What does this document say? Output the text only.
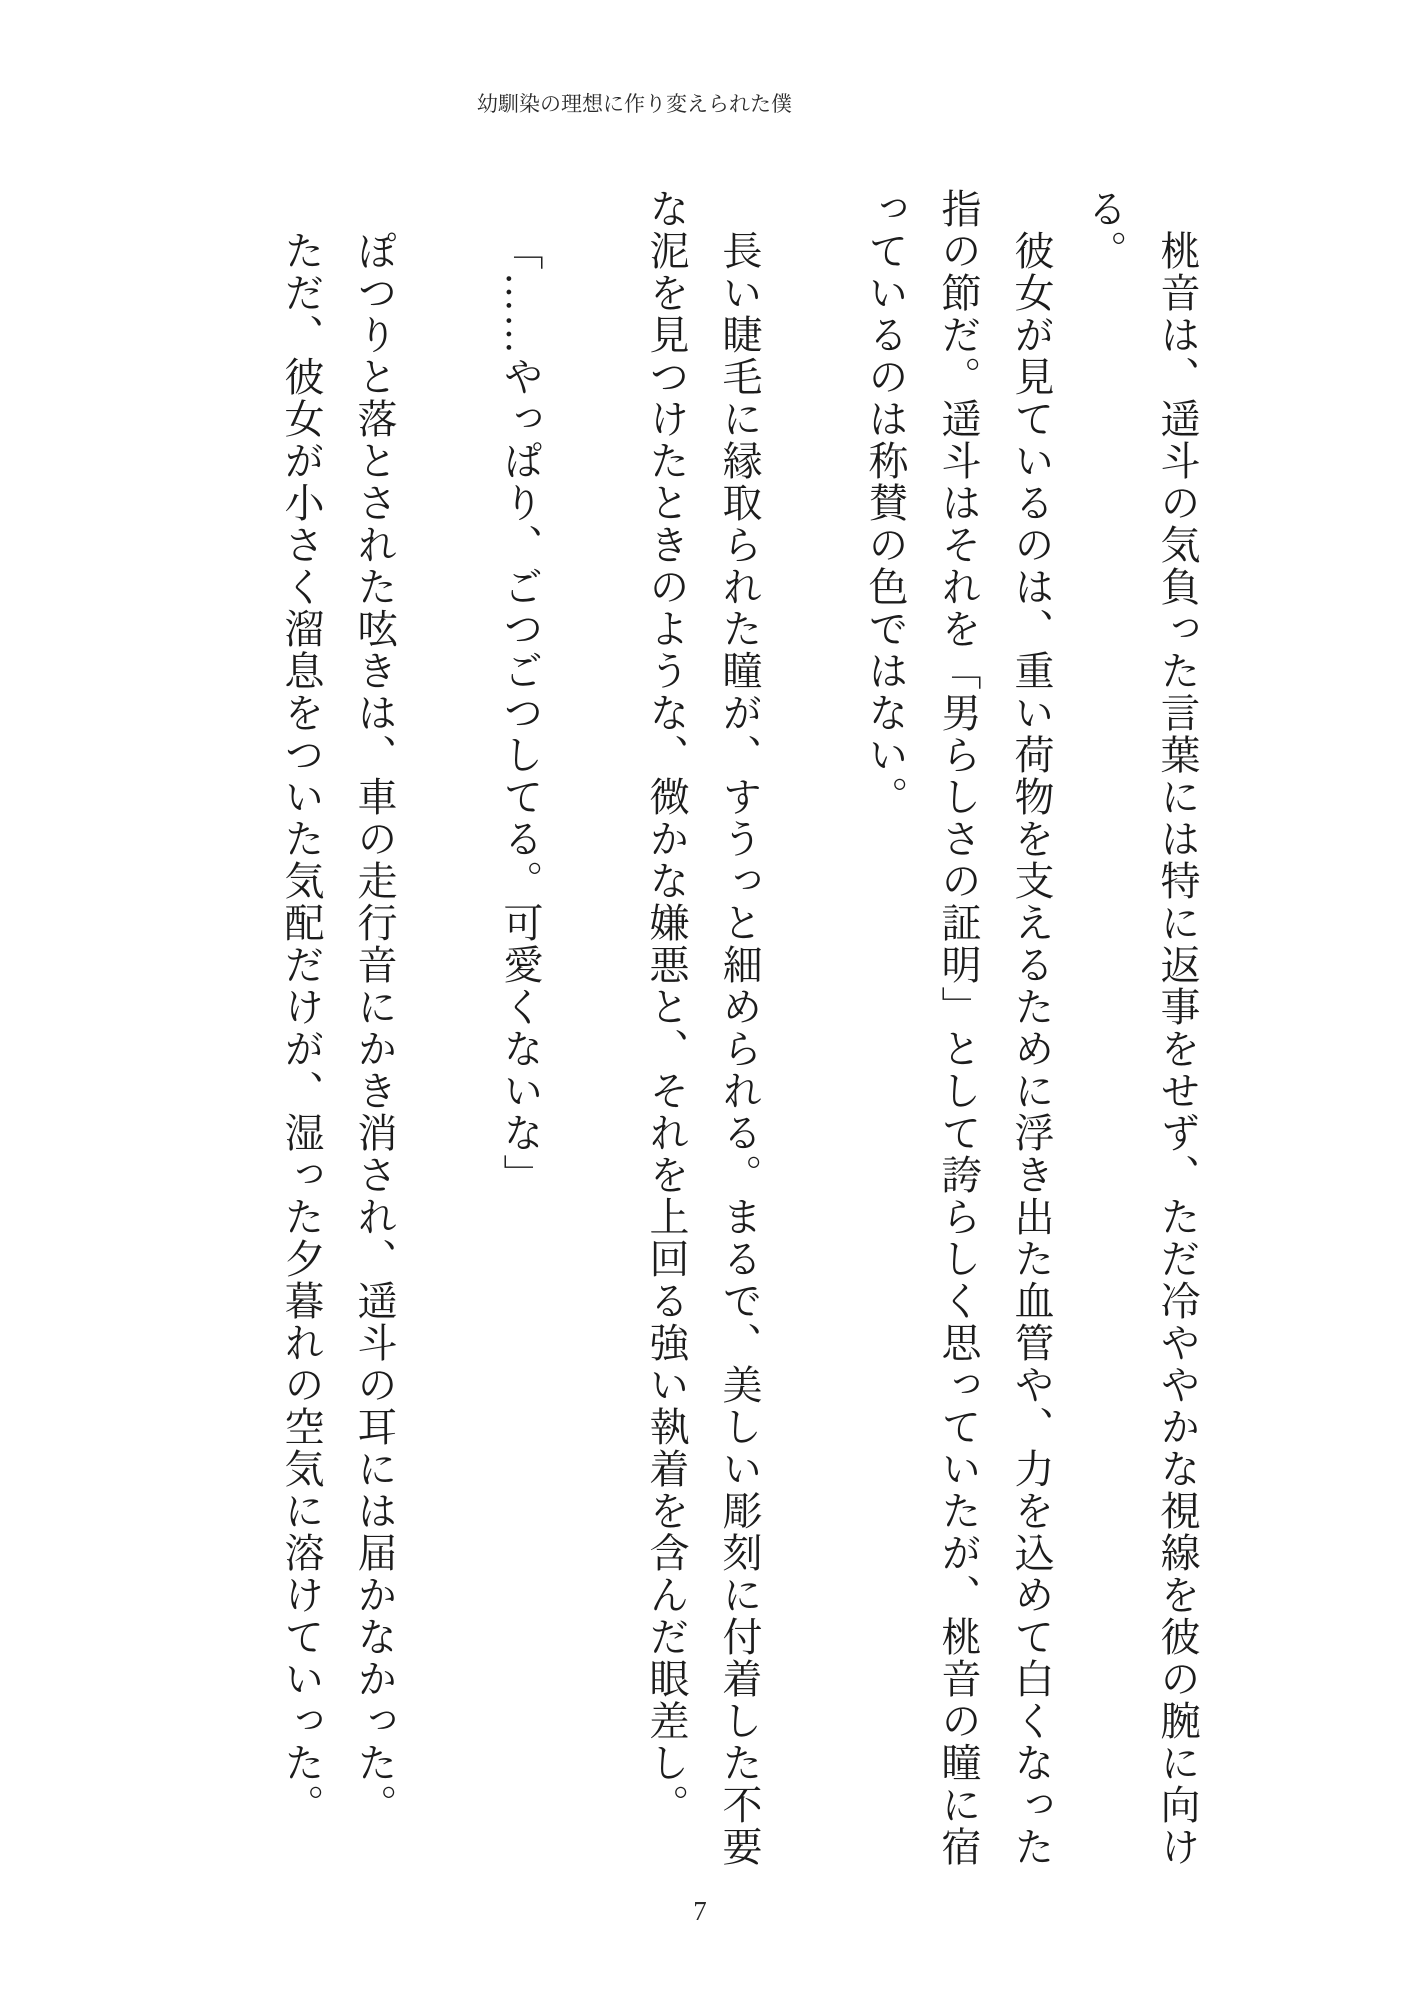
幼馴染の理想に作り変えられた僕

桃音は、遥斗の気負った言葉には特に返事をせず、ただ冷ややかな視線を彼の腕に向ける。

彼女が見ているのは、重い荷物を支えるために浮き出た血管や、力を込めて白くなった指の節だ。遥斗はそれを「男らしさの証明」として誇らしく思っていたが、桃音の瞳に宿っているのは称賛の色ではない。

長い睫毛に縁取られた瞳が、すうっと細められる。まるで、美しい彫刻に付着した不要な泥を見つけたときのような、微かな嫌悪と、それを上回る強い執着を含んだ眼差し。

「……やっぱり、ごつごつしてる。可愛くないな」

ぽつりと落とされた呟きは、車の走行音にかき消され、遥斗の耳には届かなかった。

ただ、彼女が小さく溜息をついた気配だけが、湿った夕暮れの空気に溶けていった。

7
